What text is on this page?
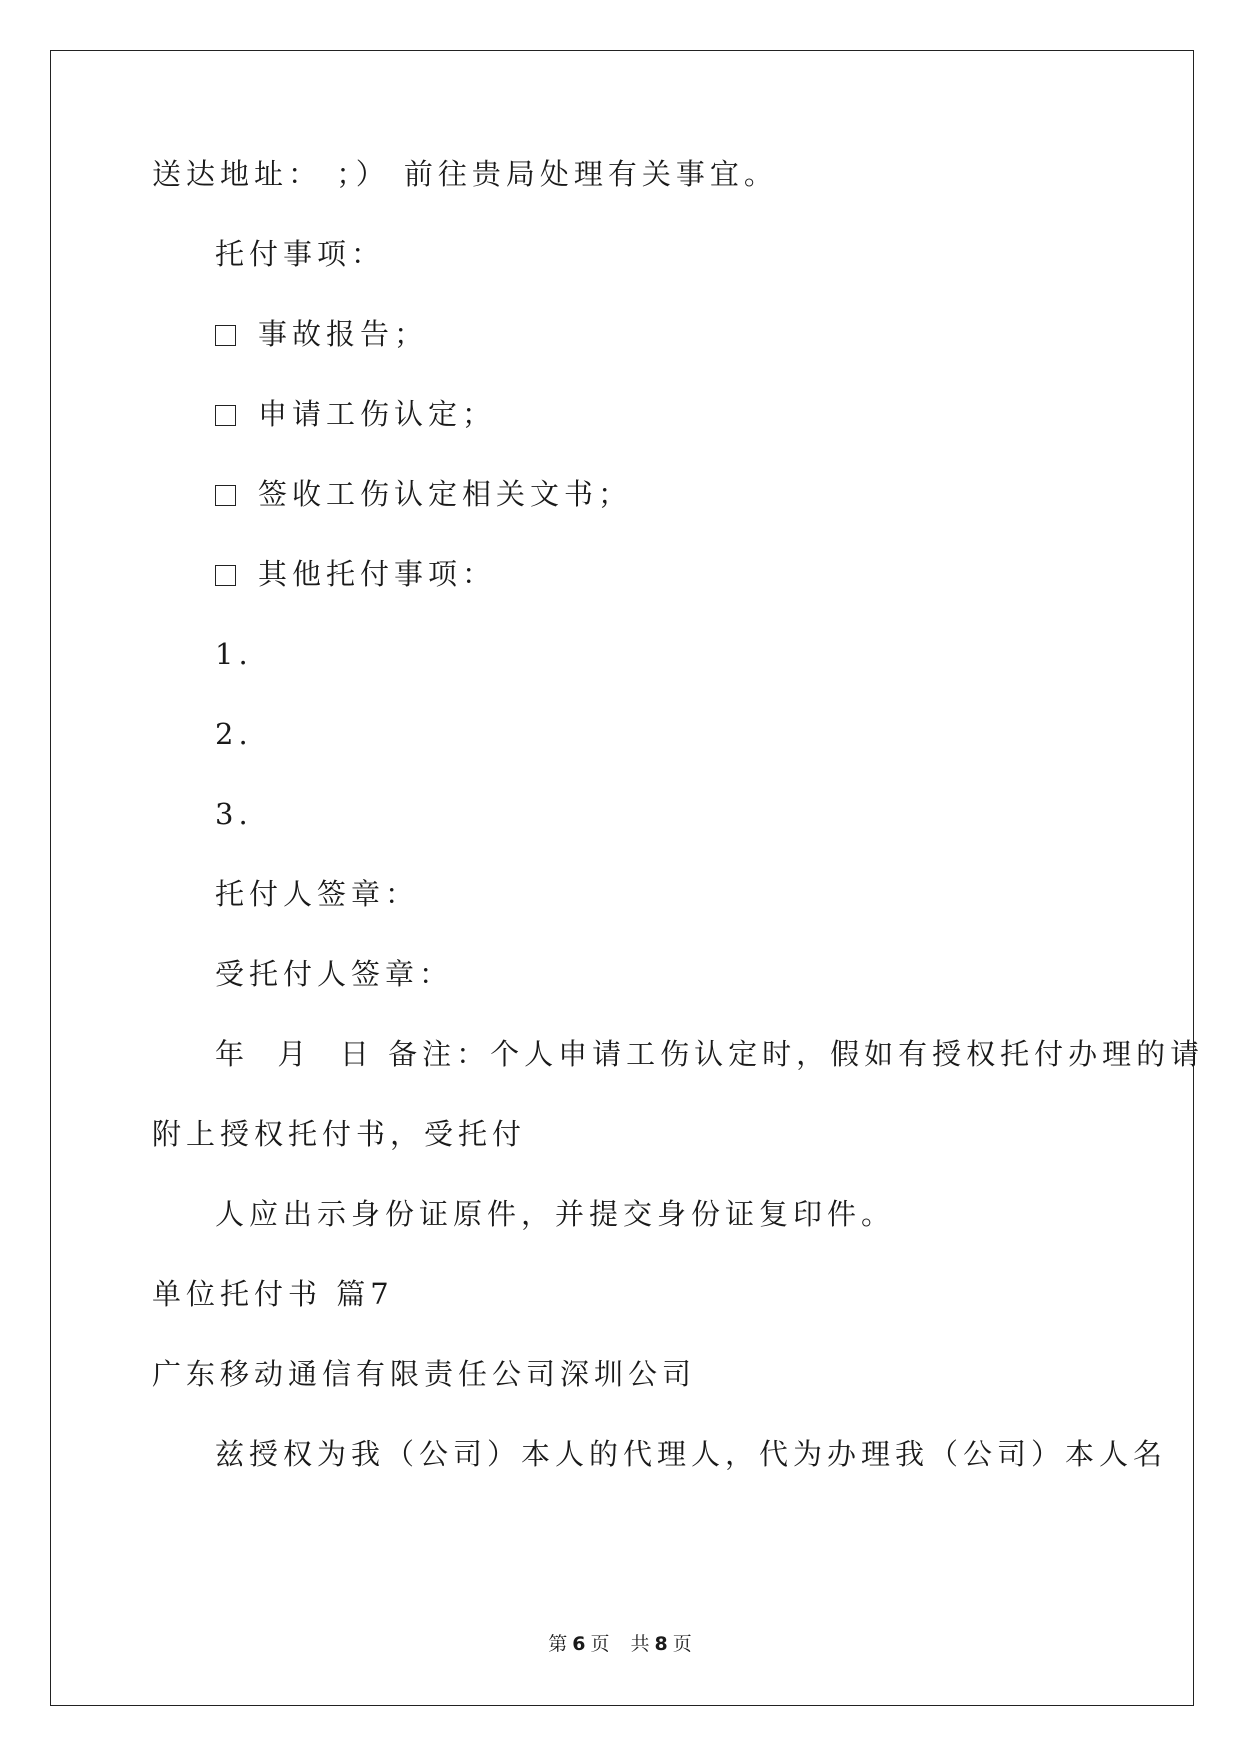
送达地址： ；） 前往贵局处理有关事宜。
托付事项：
事故报告；
申请工伤认定；
签收工伤认定相关文书；
其他托付事项：
1.
2.
3.
托付人签章：
受托付人签章：
年  月  日 备注：个人申请工伤认定时，假如有授权托付办理的请
附上授权托付书，受托付
人应出示身份证原件，并提交身份证复印件。
单位托付书 篇7
广东移动通信有限责任公司深圳公司
兹授权为我（公司）本人的代理人，代为办理我（公司）本人名
第 6 页 共 8 页
